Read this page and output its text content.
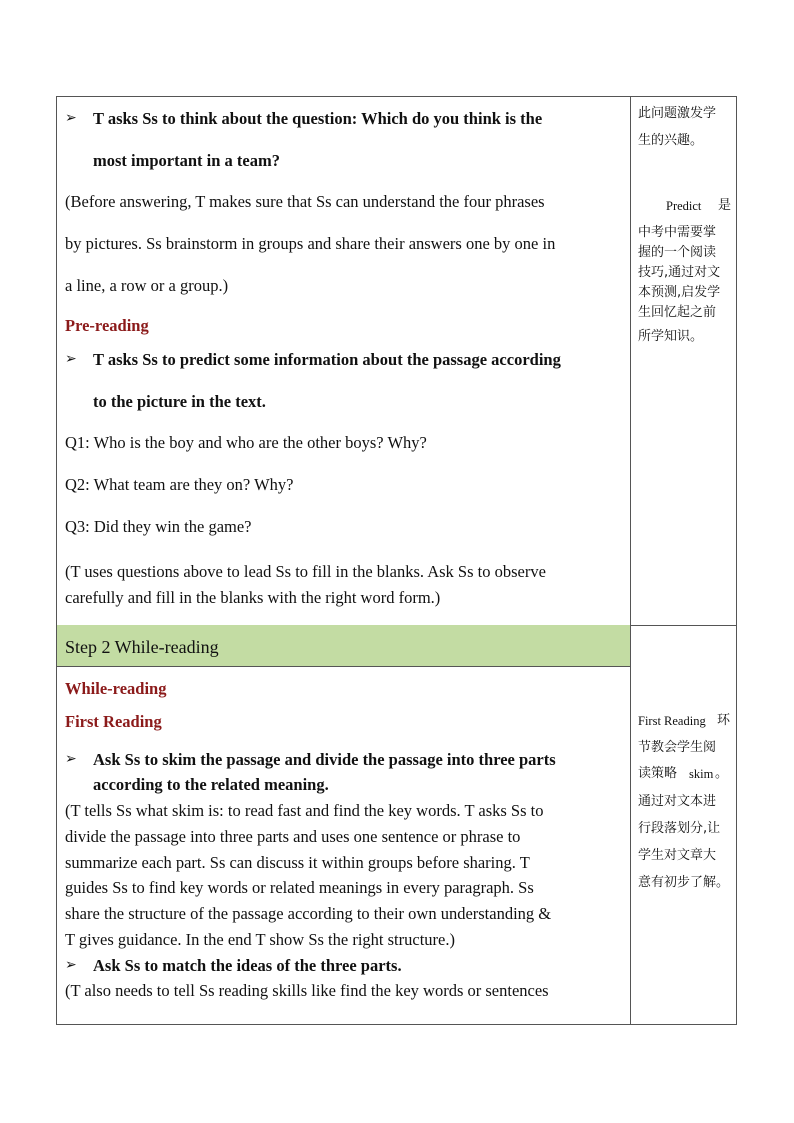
➢ T asks Ss to think about the question: Which do you think is the
most important in a team?
(Before answering, T makes sure that Ss can understand the four phrases
by pictures. Ss brainstorm in groups and share their answers one by one in
a line, a row or a group.)
Pre-reading
➢ T asks Ss to predict some information about the passage according
to the picture in the text.
Q1: Who is the boy and who are the other boys? Why?
Q2: What team are they on? Why?
Q3: Did they win the game?
(T uses questions above to lead Ss to fill in the blanks. Ask Ss to observe
carefully and fill in the blanks with the right word form.)
Step 2 While-reading
While-reading
First Reading
➢ Ask Ss to skim the passage and divide the passage into three parts
according to the related meaning.
(T tells Ss what skim is: to read fast and find the key words. T asks Ss to
divide the passage into three parts and uses one sentence or phrase to
summarize each part. Ss can discuss it within groups before sharing. T
guides Ss to find key words or related meanings in every paragraph. Ss
share the structure of the passage according to their own understanding &
T gives guidance. In the end T show Ss the right structure.)
➢ Ask Ss to match the ideas of the three parts.
(T also needs to tell Ss reading skills like find the key words or sentences
此问题激发学
生的兴趣。
Predict 是
中考中需要掌
握的一个阅读
技巧,通过对文
本预测,启发学
生回忆起之前
所学知识。
First Reading 环
节教会学生阅
读策略 skim 。
通过对文本进
行段落划分,让
学生对文章大
意有初步了解。
